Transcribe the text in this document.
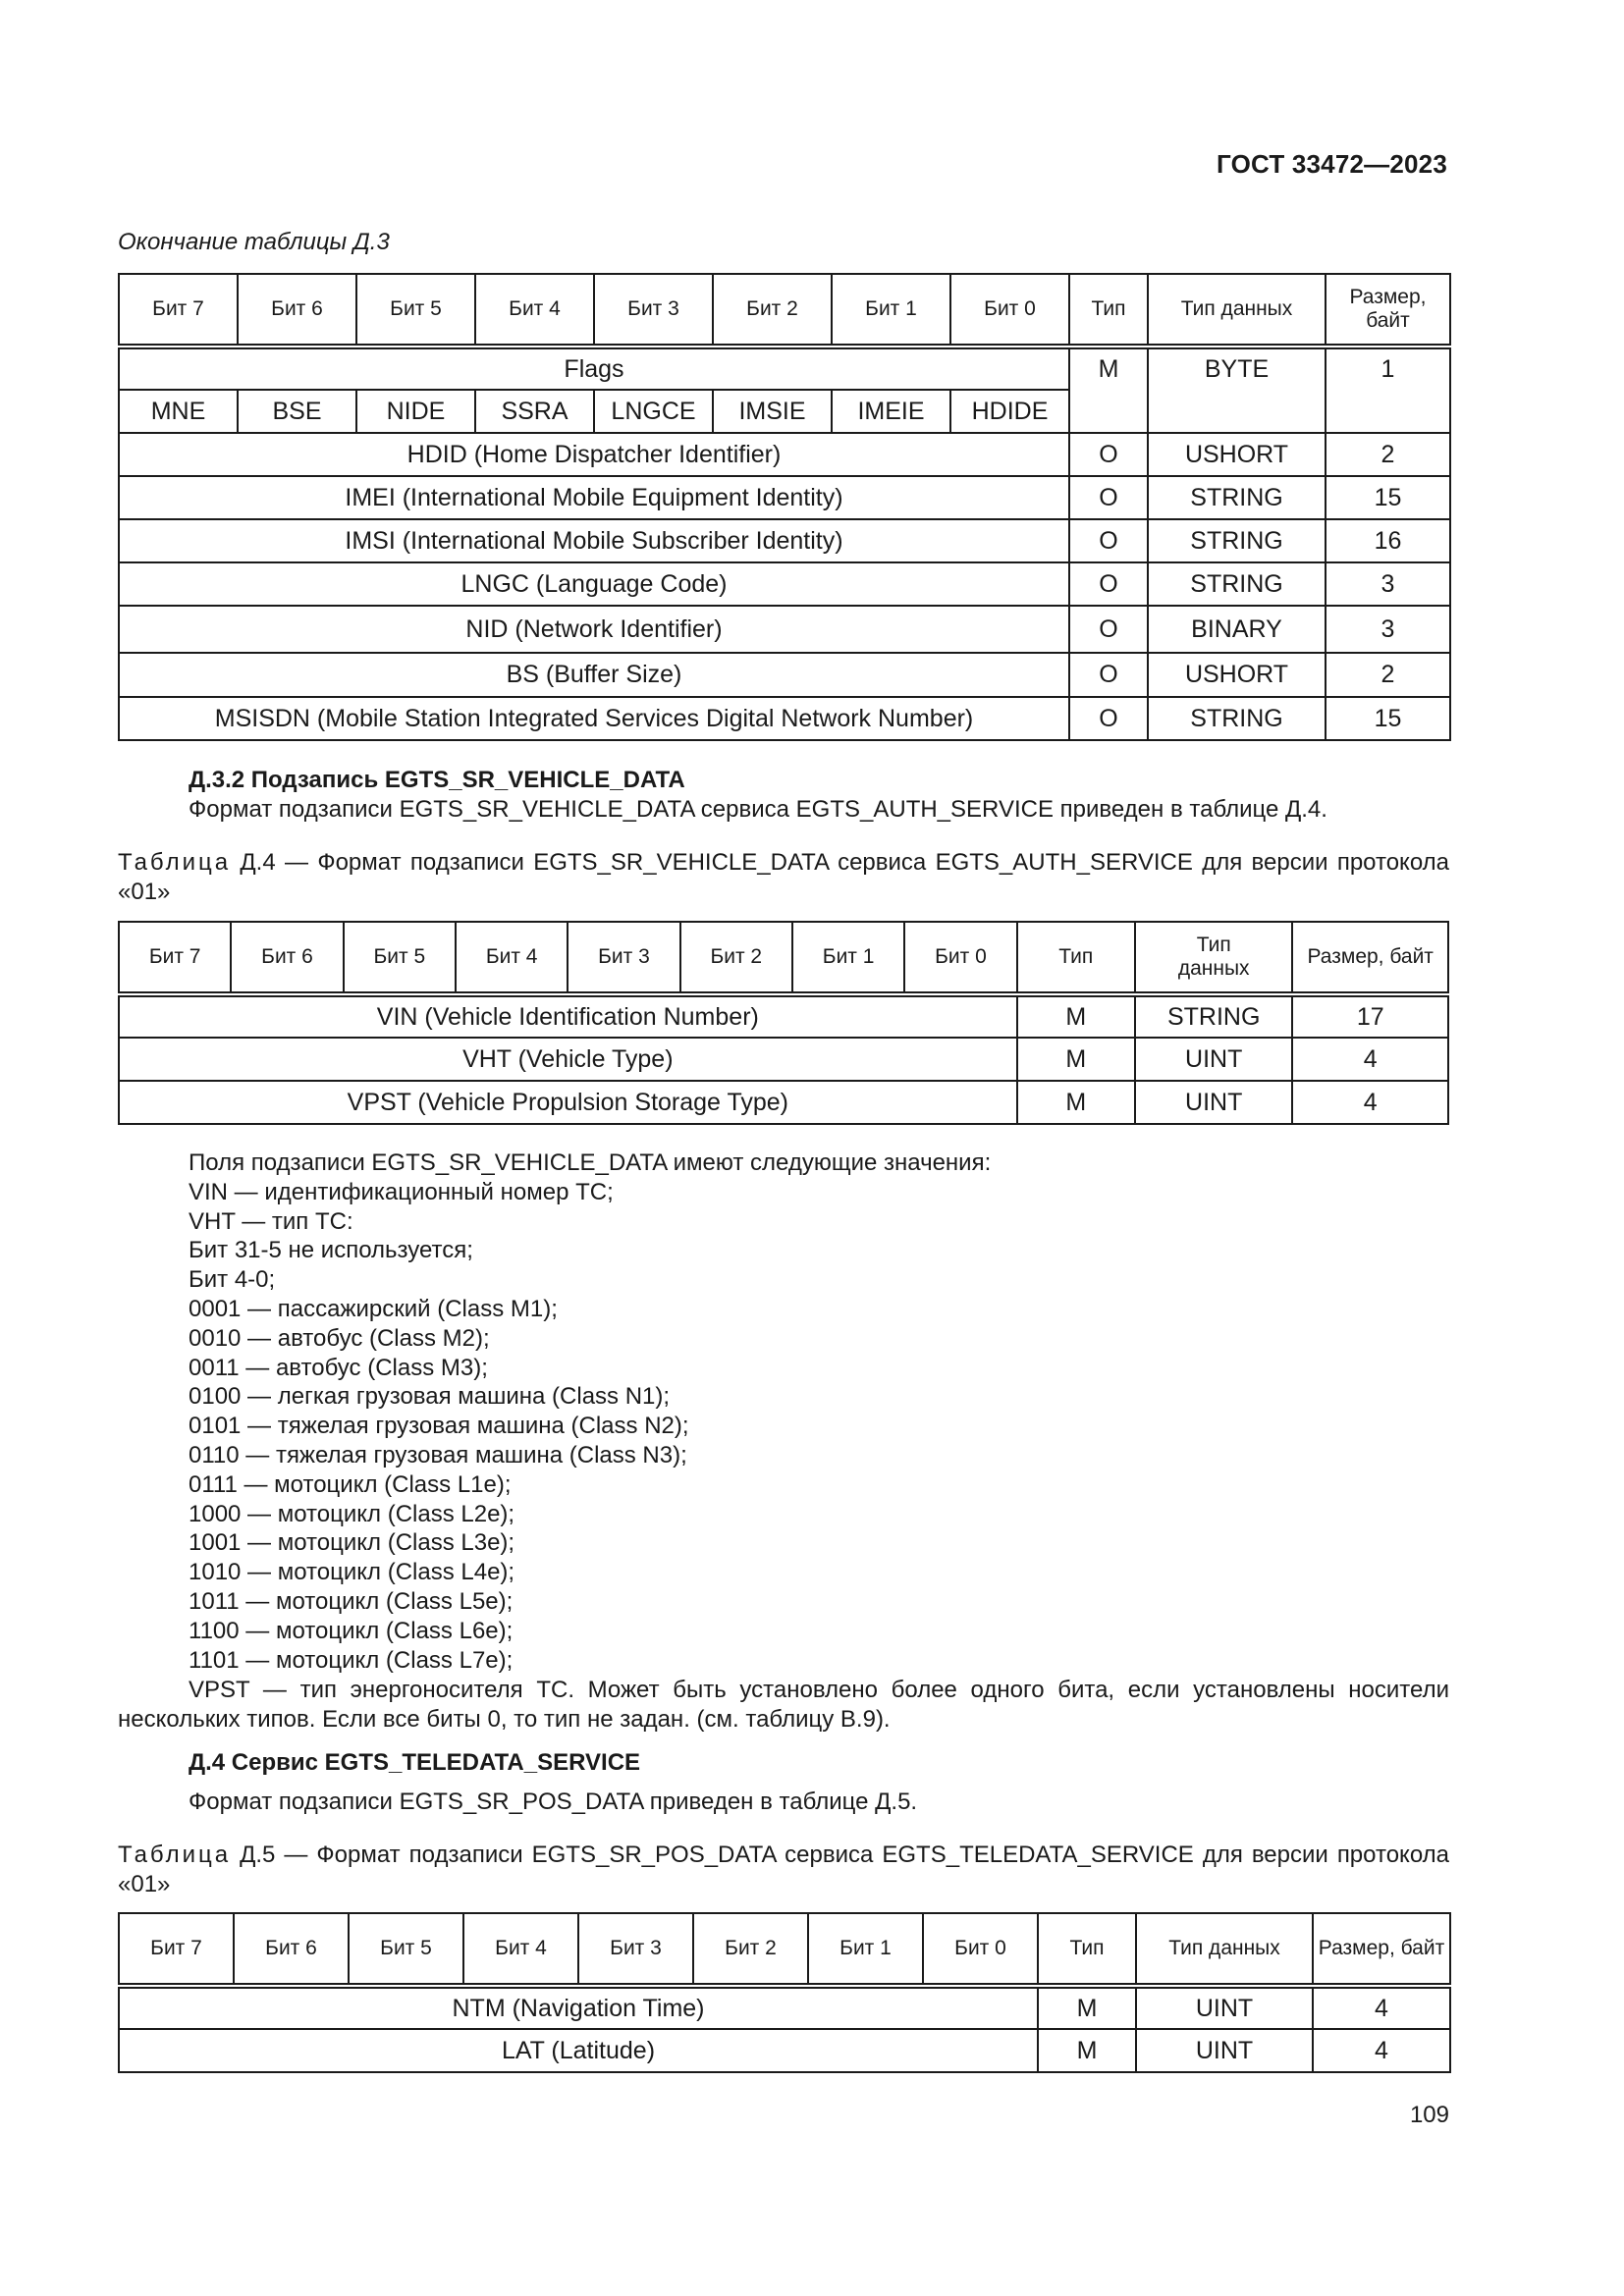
ГОСТ 33472—2023
Окончание таблицы Д.3
Бит 7	Бит 6	Бит 5	Бит 4	Бит 3	Бит 2	Бит 1	Бит 0	Тип	Тип данных	Размер, байт
Flags								M	BYTE	1
MNE	BSE	NIDE	SSRA	LNGCE	IMSIE	IMEIE	HDIDE			
HDID (Home Dispatcher Identifier)								O	USHORT	2
IMEI (International Mobile Equipment Identity)								O	STRING	15
IMSI (International Mobile Subscriber Identity)								O	STRING	16
LNGC (Language Code)								O	STRING	3
NID (Network Identifier)								O	BINARY	3
BS (Buffer Size)								O	USHORT	2
MSISDN (Mobile Station Integrated Services Digital Network Number)								O	STRING	15
Д.3.2 Подзапись EGTS_SR_VEHICLE_DATA
Формат подзаписи EGTS_SR_VEHICLE_DATA сервиса EGTS_AUTH_SERVICE приведен в таблице Д.4.
Таблица Д.4 — Формат подзаписи EGTS_SR_VEHICLE_DATA сервиса EGTS_AUTH_SERVICE для версии протокола «01»
Бит 7	Бит 6	Бит 5	Бит 4	Бит 3	Бит 2	Бит 1	Бит 0	Тип	Тип данных	Размер, байт
VIN (Vehicle Identification Number)								M	STRING	17
VHT (Vehicle Type)								M	UINT	4
VPST (Vehicle Propulsion Storage Type)								M	UINT	4
Поля подзаписи EGTS_SR_VEHICLE_DATA имеют следующие значения:
VIN — идентификационный номер ТС;
VHT — тип ТС:
Бит 31-5 не используется;
Бит 4-0;
0001 — пассажирский (Class M1);
0010 — автобус (Class M2);
0011 — автобус (Class M3);
0100 — легкая грузовая машина (Class N1);
0101 — тяжелая грузовая машина (Class N2);
0110 — тяжелая грузовая машина (Class N3);
0111 — мотоцикл (Class L1e);
1000 — мотоцикл (Class L2e);
1001 — мотоцикл (Class L3e);
1010 — мотоцикл (Class L4e);
1011 — мотоцикл (Class L5e);
1100 — мотоцикл (Class L6e);
1101 — мотоцикл (Class L7e);
VPST — тип энергоносителя ТС. Может быть установлено более одного бита, если установлены носители нескольких типов. Если все биты 0, то тип не задан. (см. таблицу В.9).
Д.4 Сервис EGTS_TELEDATA_SERVICE
Формат подзаписи EGTS_SR_POS_DATA приведен в таблице Д.5.
Таблица Д.5 — Формат подзаписи EGTS_SR_POS_DATA сервиса EGTS_TELEDATA_SERVICE для версии протокола «01»
Бит 7	Бит 6	Бит 5	Бит 4	Бит 3	Бит 2	Бит 1	Бит 0	Тип	Тип данных	Размер, байт
NTM (Navigation Time)								M	UINT	4
LAT (Latitude)								M	UINT	4
109
